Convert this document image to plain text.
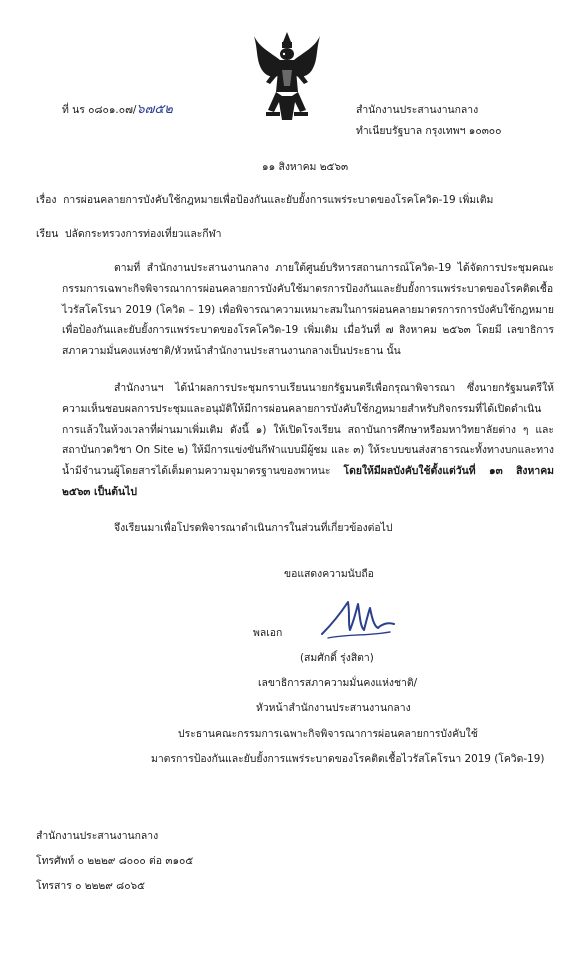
ที่ นร ๐๘๐๑.๐๗/๖๗๕๒	สำนักงานประสานงานกลาง
ทำเนียบรัฐบาล กรุงเทพฯ ๑๐๓๐๐
๑๑ สิงหาคม ๒๕๖๓
เรื่อง การผ่อนคลายการบังคับใช้กฎหมายเพื่อป้องกันและยับยั้งการแพร่ระบาดของโรคโควิด-19 เพิ่มเติม
เรียน ปลัดกระทรวงการท่องเที่ยวและกีฬา
ตามที่ สำนักงานประสานงานกลาง ภายใต้ศูนย์บริหารสถานการณ์โควิด-19 ได้จัดการประชุมคณะกรรมการเฉพาะกิจพิจารณาการผ่อนคลายการบังคับใช้มาตรการป้องกันและยับยั้งการแพร่ระบาดของโรคติดเชื้อไวรัสโคโรนา 2019 (โควิด – 19) เพื่อพิจารณาความเหมาะสมในการผ่อนคลายมาตรการการบังคับใช้กฎหมายเพื่อป้องกันและยับยั้งการแพร่ระบาดของโรคโควิด-19 เพิ่มเติม เมื่อวันที่ ๗ สิงหาคม ๒๕๖๓ โดยมี เลขาธิการสภาความมั่นคงแห่งชาติ/หัวหน้าสำนักงานประสานงานกลางเป็นประธาน นั้น
สำนักงานฯ ได้นำผลการประชุมกราบเรียนนายกรัฐมนตรีเพื่อกรุณาพิจารณา ซึ่งนายกรัฐมนตรีให้ความเห็นชอบผลการประชุมและอนุมัติให้มีการผ่อนคลายการบังคับใช้กฎหมายสำหรับกิจกรรมที่ได้เปิดดำเนินการแล้วในห้วงเวลาที่ผ่านมาเพิ่มเติม ดังนี้ ๑) ให้เปิดโรงเรียน สถาบันการศึกษาหรือมหาวิทยาลัยต่าง ๆ และสถาบันกวดวิชา On Site ๒) ให้มีการแข่งขันกีฬาแบบมีผู้ชม และ ๓) ให้ระบบขนส่งสาธารณะทั้งทางบกและทางน้ำมีจำนวนผู้โดยสารได้เต็มตามความจุมาตรฐานของพาหนะ โดยให้มีผลบังคับใช้ตั้งแต่วันที่ ๑๓ สิงหาคม ๒๕๖๓ เป็นต้นไป
จึงเรียนมาเพื่อโปรดพิจารณาดำเนินการในส่วนที่เกี่ยวข้องต่อไป
ขอแสดงความนับถือ
พลเอก
(สมศักดิ์ รุ่งสิตา)
เลขาธิการสภาความมั่นคงแห่งชาติ/
หัวหน้าสำนักงานประสานงานกลาง
ประธานคณะกรรมการเฉพาะกิจพิจารณาการผ่อนคลายการบังคับใช้
มาตรการป้องกันและยับยั้งการแพร่ระบาดของโรคติดเชื้อไวรัสโคโรนา 2019 (โควิด-19)
สำนักงานประสานงานกลาง
โทรศัพท์ ๐ ๒๒๒๙ ๘๐๐๐ ต่อ ๓๑๐๕
โทรสาร ๐ ๒๒๒๙ ๘๐๖๕
